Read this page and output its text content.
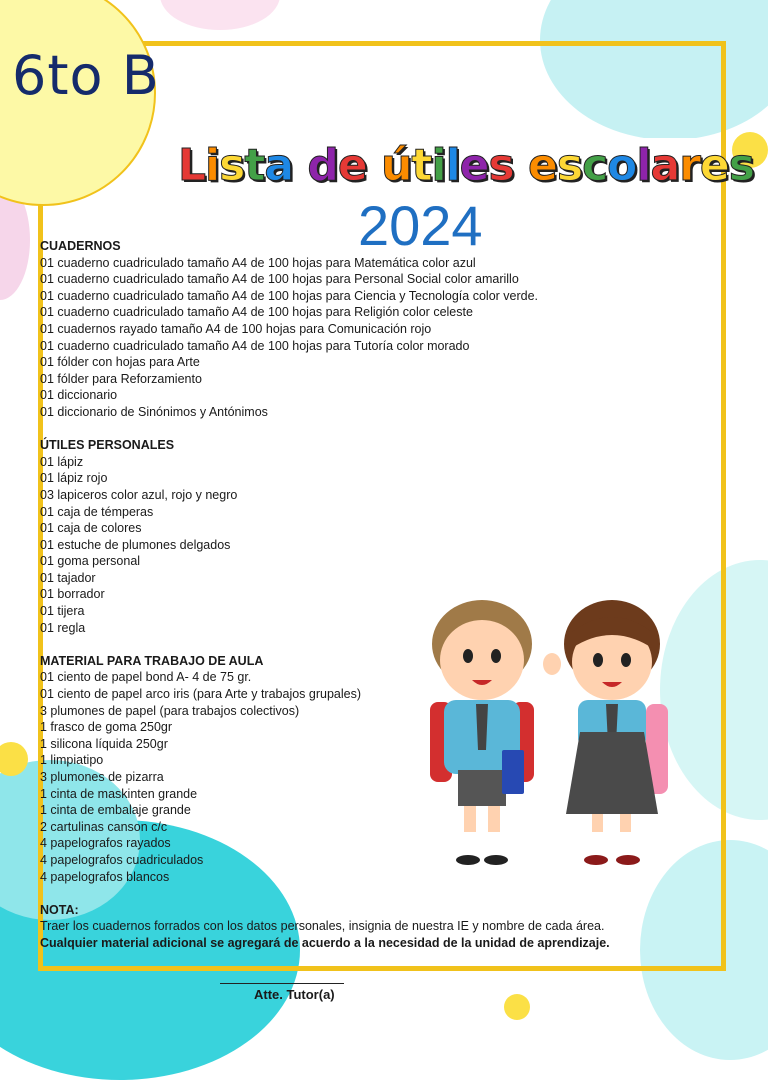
6to B
Lista de útiles escolares
2024
CUADERNOS
01 cuaderno cuadriculado tamaño A4 de 100 hojas para Matemática color azul
01 cuaderno cuadriculado tamaño A4 de 100 hojas para Personal Social color amarillo
01 cuaderno cuadriculado tamaño A4 de 100 hojas para Ciencia y Tecnología color verde.
01 cuaderno cuadriculado tamaño A4 de 100 hojas para Religión color celeste
01 cuadernos rayado tamaño A4 de 100 hojas para Comunicación rojo
01 cuaderno cuadriculado tamaño A4 de 100 hojas para Tutoría color morado
01 fólder con hojas para Arte
01 fólder para Reforzamiento
01 diccionario
01 diccionario de Sinónimos y Antónimos
ÚTILES PERSONALES
01 lápiz
01 lápiz rojo
03 lapiceros color azul, rojo y negro
01 caja de témperas
01 caja de colores
01 estuche de plumones delgados
01 goma personal
01 tajador
01 borrador
01 tijera
01 regla
MATERIAL PARA TRABAJO DE AULA
01 ciento de papel bond A- 4 de 75 gr.
01 ciento de papel arco iris (para Arte y trabajos grupales)
3 plumones de papel (para trabajos colectivos)
1 frasco de goma 250gr
1 silicona líquida 250gr
1 limpiatipo
3 plumones de pizarra
1 cinta de maskinten grande
1 cinta de embalaje grande
2 cartulinas canson c/c
4 papelografos rayados
4 papelografos cuadriculados
4 papelografos blancos
NOTA:
Traer los cuadernos forrados con los datos personales, insignia de nuestra IE y nombre de cada área.
Cualquier material adicional se agregará de acuerdo a la necesidad de la unidad de aprendizaje.
Atte. Tutor(a)
